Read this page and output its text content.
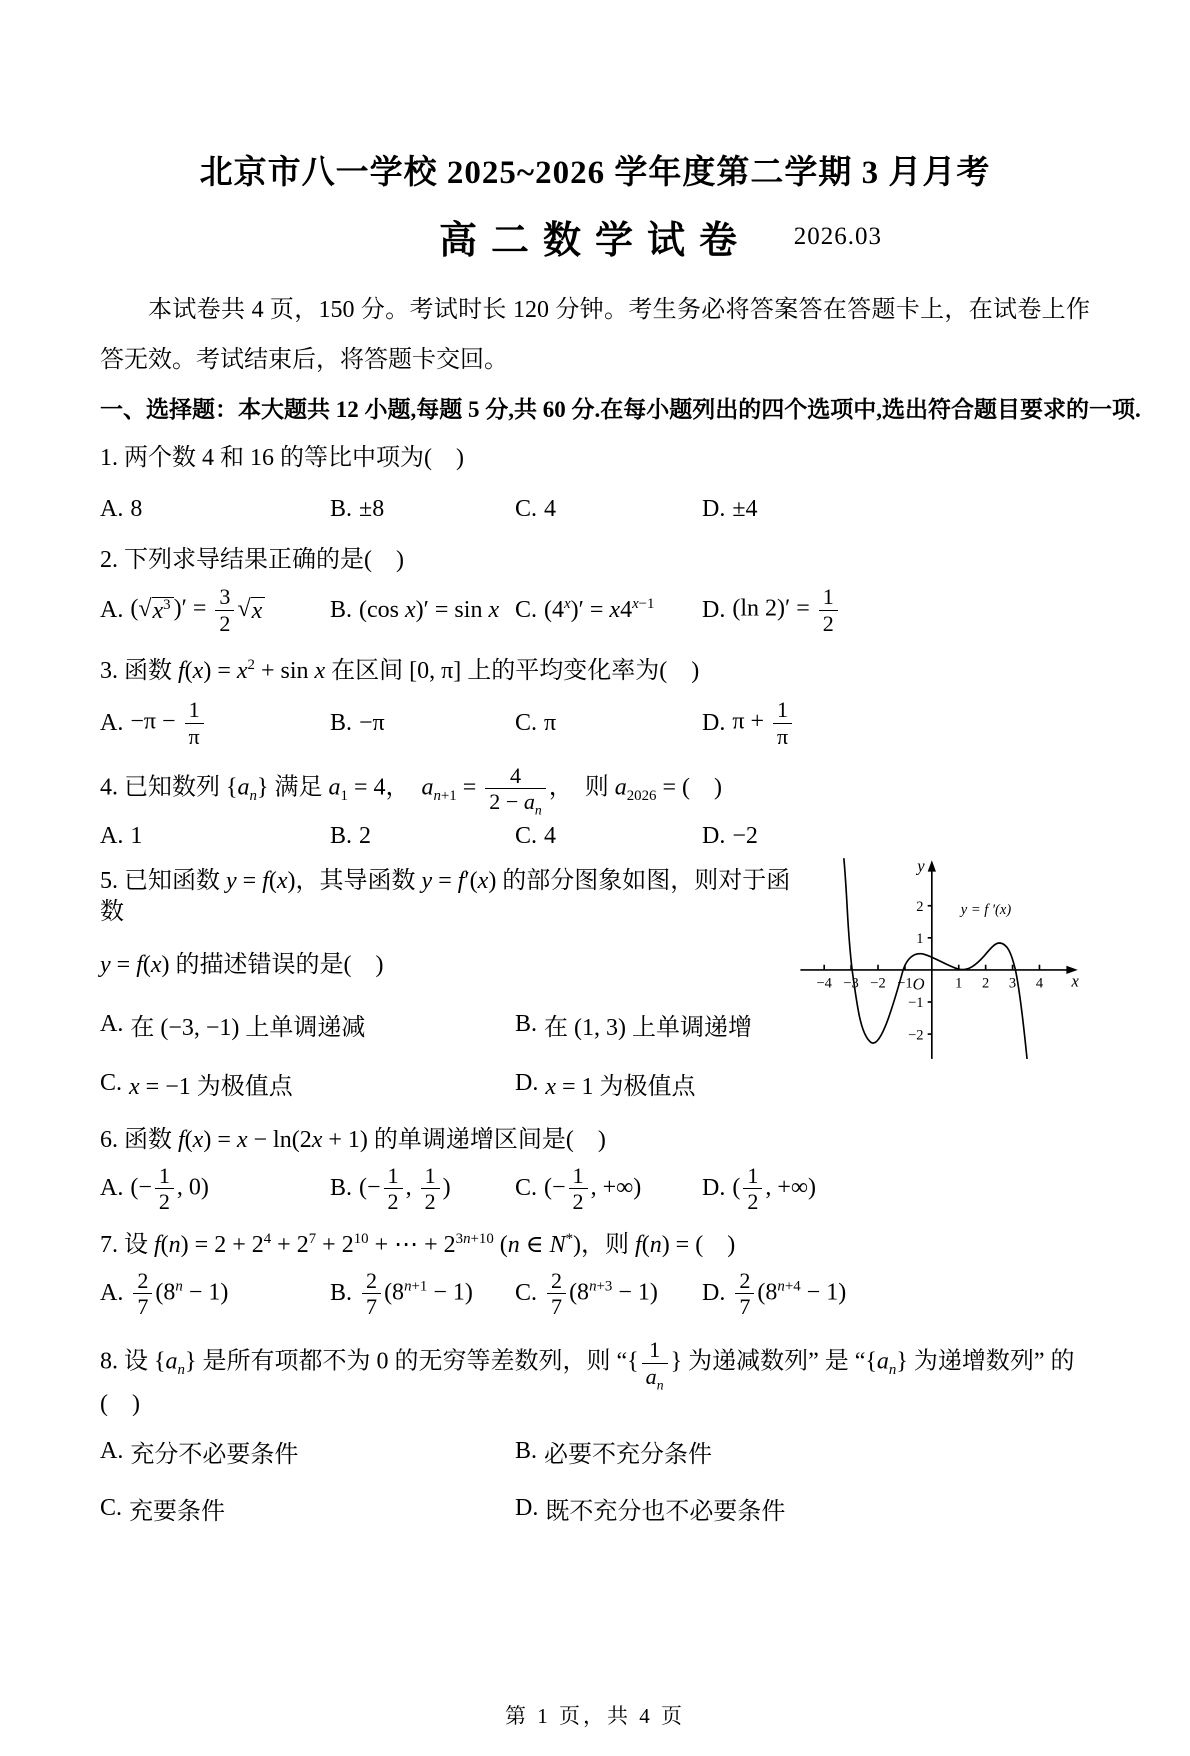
北京市八一学校 2025~2026 学年度第二学期 3 月月考
高二数学试卷	2026.03

本试卷共 4 页，150 分。考试时长 120 分钟。考生务必将答案答在答题卡上，在试卷上作答无效。考试结束后，将答题卡交回。

一、选择题：本大题共 12 小题,每题 5 分,共 60 分.在每小题列出的四个选项中,选出符合题目要求的一项.

1. 两个数 4 和 16 的等比中项为(　)

A. 8	B. ±8	C. 4	D. ±4

2. 下列求导结果正确的是(　)

A. ( √ $x^3$ )′ = $\frac{3}{2}$ √ x	B. (cos x)′ = sin x C. $(4^x)' = x4^{x-1}$ D. (ln $2)' = \frac{1}{2}$

3. 函数 $f(x) = x^2 + \sin x$ 在区间 [0, π] 上的平均变化率为(　)

A. $-\pi - \frac{1}{\pi}$	B. −π	C. π	D. $\pi + \frac{1}{\pi}$

4. 已知数列 $\{a_n\}$ 满足 $a_1 = 4$，　$a_{n+1} = \frac{4}{2 - a_n}$ ，　则 $a_{2026}$ = (　)

A. 1	B. 2	C. 4	D. −2

5. 已知函数 y = f(x)，其导函数 y = f′(x) 的部分图象如图，则对于函数

y = f(x) 的描述错误的是(　)

−4 −3 −2 −1	1 2 3 4
2
1
−1
−2
y
x
O
y = f ′(x)
A. 在 (−3, −1) 上单调递减	B. 在 (1, 3) 上单调递增
C. x = −1 为极值点	D. x = 1 为极值点

6. 函数 f(x) = x − ln(2x + 1) 的单调递增区间是(　)

A. (− $\frac{1}{2}$ , 0)	B. (− $\frac{1}{2}$ , $\frac{1}{2}$ )	C. (− $\frac{1}{2}$ , +∞)	D. ( $\frac{1}{2}$ , +∞)

7. 设 $f(n) = 2 + 2^4 + 2^7 + 2^{10}$ + ⋯ + $2^{3n+10}$ (n ∈ N*)，则 f(n) = (　)

A. $\frac{2}{7} (8^n - 1)$	B. $\frac{2}{7} (8^{n+1} - 1)$ C. $\frac{2}{7} (8^{n+3} - 1)$ D. $\frac{2}{7} (8^{n+4} - 1)$

8. 设 $\{a_n\}$ 是所有项都不为 0 的无穷等差数列，则 “{ $\frac{1}{a_n}$ } 为递减数列” 是 “$\{a_n\}$ 为递增数列” 的(　)

A. 充分不必要条件	B. 必要不充分条件
C. 充要条件	D. 既不充分也不必要条件
第 1 页，共 4 页
